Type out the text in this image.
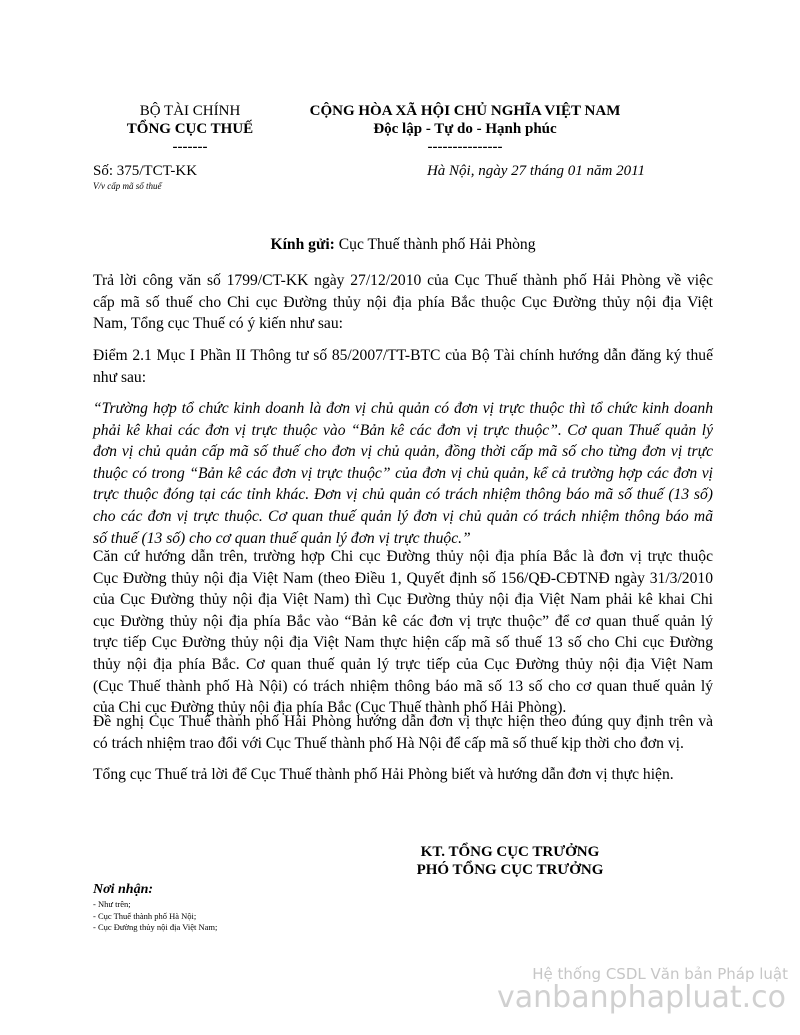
BỘ TÀI CHÍNH
TỔNG CỤC THUẾ
-------
CỘNG HÒA XÃ HỘI CHỦ NGHĨA VIỆT NAM
Độc lập - Tự do - Hạnh phúc
---------------
Số: 375/TCT-KK
V/v cấp mã số thuế
Hà Nội, ngày 27 tháng 01 năm 2011
Kính gửi: Cục Thuế thành phố Hải Phòng
Trả lời công văn số 1799/CT-KK ngày 27/12/2010 của Cục Thuế thành phố Hải Phòng về việc
cấp mã số thuế cho Chi cục Đường thủy nội địa phía Bắc thuộc Cục Đường thủy nội địa Việt
Nam, Tổng cục Thuế có ý kiến như sau:
Điểm 2.1 Mục I Phần II Thông tư số 85/2007/TT-BTC của Bộ Tài chính hướng dẫn đăng ký thuế
như sau:
“Trường hợp tổ chức kinh doanh là đơn vị chủ quản có đơn vị trực thuộc thì tổ chức kinh doanh
phải kê khai các đơn vị trực thuộc vào “Bản kê các đơn vị trực thuộc”. Cơ quan Thuế quản lý
đơn vị chủ quản cấp mã số thuế cho đơn vị chủ quản, đồng thời cấp mã số cho từng đơn vị trực
thuộc có trong “Bản kê các đơn vị trực thuộc” của đơn vị chủ quản, kể cả trường hợp các đơn vị
trực thuộc đóng tại các tỉnh khác. Đơn vị chủ quản có trách nhiệm thông báo mã số thuế (13 số)
cho các đơn vị trực thuộc. Cơ quan thuế quản lý đơn vị chủ quản có trách nhiệm thông báo mã
số thuế (13 số) cho cơ quan thuế quản lý đơn vị trực thuộc.”
Căn cứ hướng dẫn trên, trường hợp Chi cục Đường thủy nội địa phía Bắc là đơn vị trực thuộc
Cục Đường thủy nội địa Việt Nam (theo Điều 1, Quyết định số 156/QĐ-CĐTNĐ ngày 31/3/2010
của Cục Đường thủy nội địa Việt Nam) thì Cục Đường thủy nội địa Việt Nam phải kê khai Chi
cục Đường thủy nội địa phía Bắc vào “Bản kê các đơn vị trực thuộc” để cơ quan thuế quản lý
trực tiếp Cục Đường thủy nội địa Việt Nam thực hiện cấp mã số thuế 13 số cho Chi cục Đường
thủy nội địa phía Bắc. Cơ quan thuế quản lý trực tiếp của Cục Đường thủy nội địa Việt Nam
(Cục Thuế thành phố Hà Nội) có trách nhiệm thông báo mã số 13 số cho cơ quan thuế quản lý
của Chi cục Đường thủy nội địa phía Bắc (Cục Thuế thành phố Hải Phòng).
Đề nghị Cục Thuế thành phố Hải Phòng hướng dẫn đơn vị thực hiện theo đúng quy định trên và
có trách nhiệm trao đổi với Cục Thuế thành phố Hà Nội để cấp mã số thuế kịp thời cho đơn vị.
Tổng cục Thuế trả lời để Cục Thuế thành phố Hải Phòng biết và hướng dẫn đơn vị thực hiện.
KT. TỔNG CỤC TRƯỞNG
PHÓ TỔNG CỤC TRƯỞNG
Nơi nhận:
- Như trên;
- Cục Thuế thành phố Hà Nội;
- Cục Đường thủy nội địa Việt Nam;
Hệ thống CSDL Văn bản Pháp luật
vanbanphapluat.co
